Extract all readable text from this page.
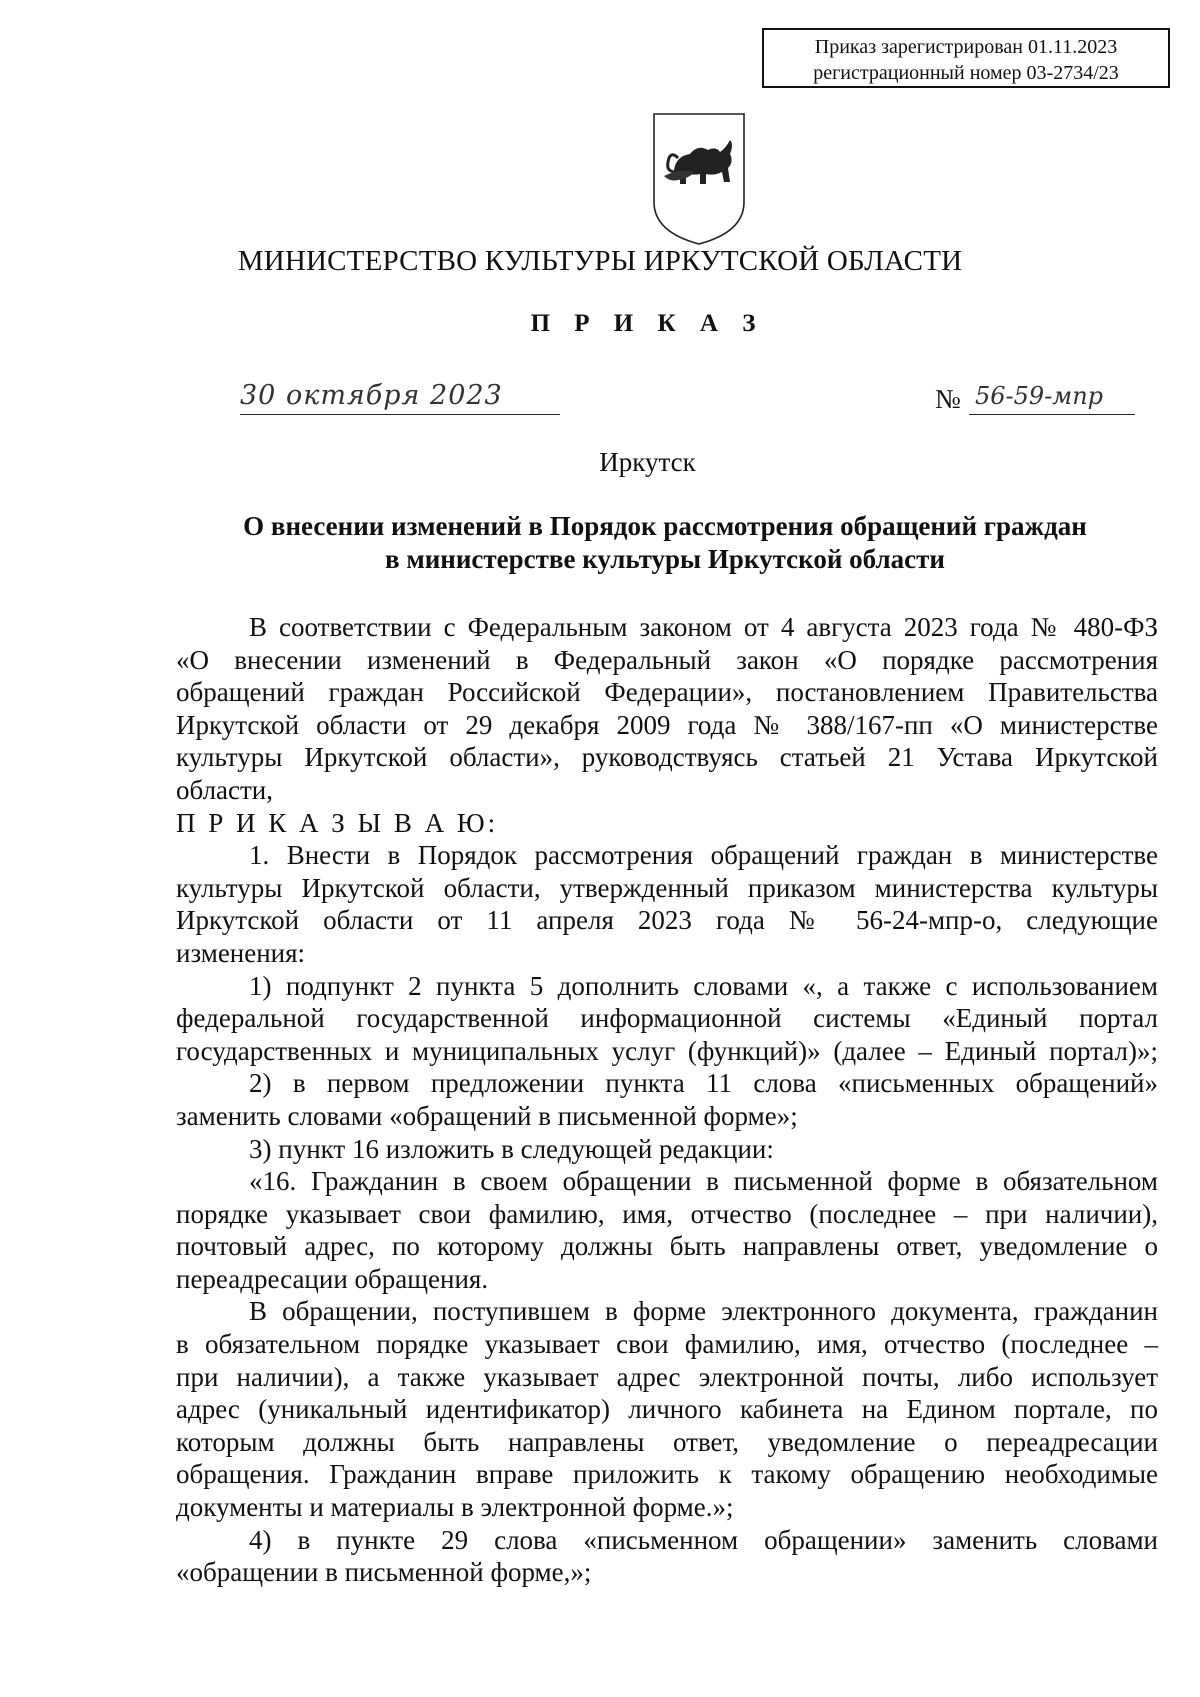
Приказ зарегистрирован 01.11.2023
регистрационный номер 03-2734/23
МИНИСТЕРСТВО КУЛЬТУРЫ ИРКУТСКОЙ ОБЛАСТИ
П Р И К А З
30 октября 2023	№ 56-59-мпр
Иркутск
О внесении изменений в Порядок рассмотрения обращений граждан
в министерстве культуры Иркутской области
В соответствии с Федеральным законом от 4 августа 2023 года № 480-ФЗ
«О внесении изменений в Федеральный закон «О порядке рассмотрения
обращений граждан Российской Федерации», постановлением Правительства
Иркутской области от 29 декабря 2009 года № 388/167-пп «О министерстве
культуры Иркутской области», руководствуясь статьей 21 Устава Иркутской
области,
П Р И К А З Ы В А Ю:
1. Внести в Порядок рассмотрения обращений граждан в министерстве
культуры Иркутской области, утвержденный приказом министерства культуры
Иркутской области от 11 апреля 2023 года № 56-24-мпр-о, следующие
изменения:
1) подпункт 2 пункта 5 дополнить словами «, а также с использованием
федеральной государственной информационной системы «Единый портал
государственных и муниципальных услуг (функций)» (далее – Единый портал)»;
2) в первом предложении пункта 11 слова «письменных обращений»
заменить словами «обращений в письменной форме»;
3) пункт 16 изложить в следующей редакции:
«16. Гражданин в своем обращении в письменной форме в обязательном
порядке указывает свои фамилию, имя, отчество (последнее – при наличии),
почтовый адрес, по которому должны быть направлены ответ, уведомление о
переадресации обращения.
В обращении, поступившем в форме электронного документа, гражданин
в обязательном порядке указывает свои фамилию, имя, отчество (последнее –
при наличии), а также указывает адрес электронной почты, либо использует
адрес (уникальный идентификатор) личного кабинета на Едином портале, по
которым должны быть направлены ответ, уведомление о переадресации
обращения. Гражданин вправе приложить к такому обращению необходимые
документы и материалы в электронной форме.»;
4) в пункте 29 слова «письменном обращении» заменить словами
«обращении в письменной форме,»;
